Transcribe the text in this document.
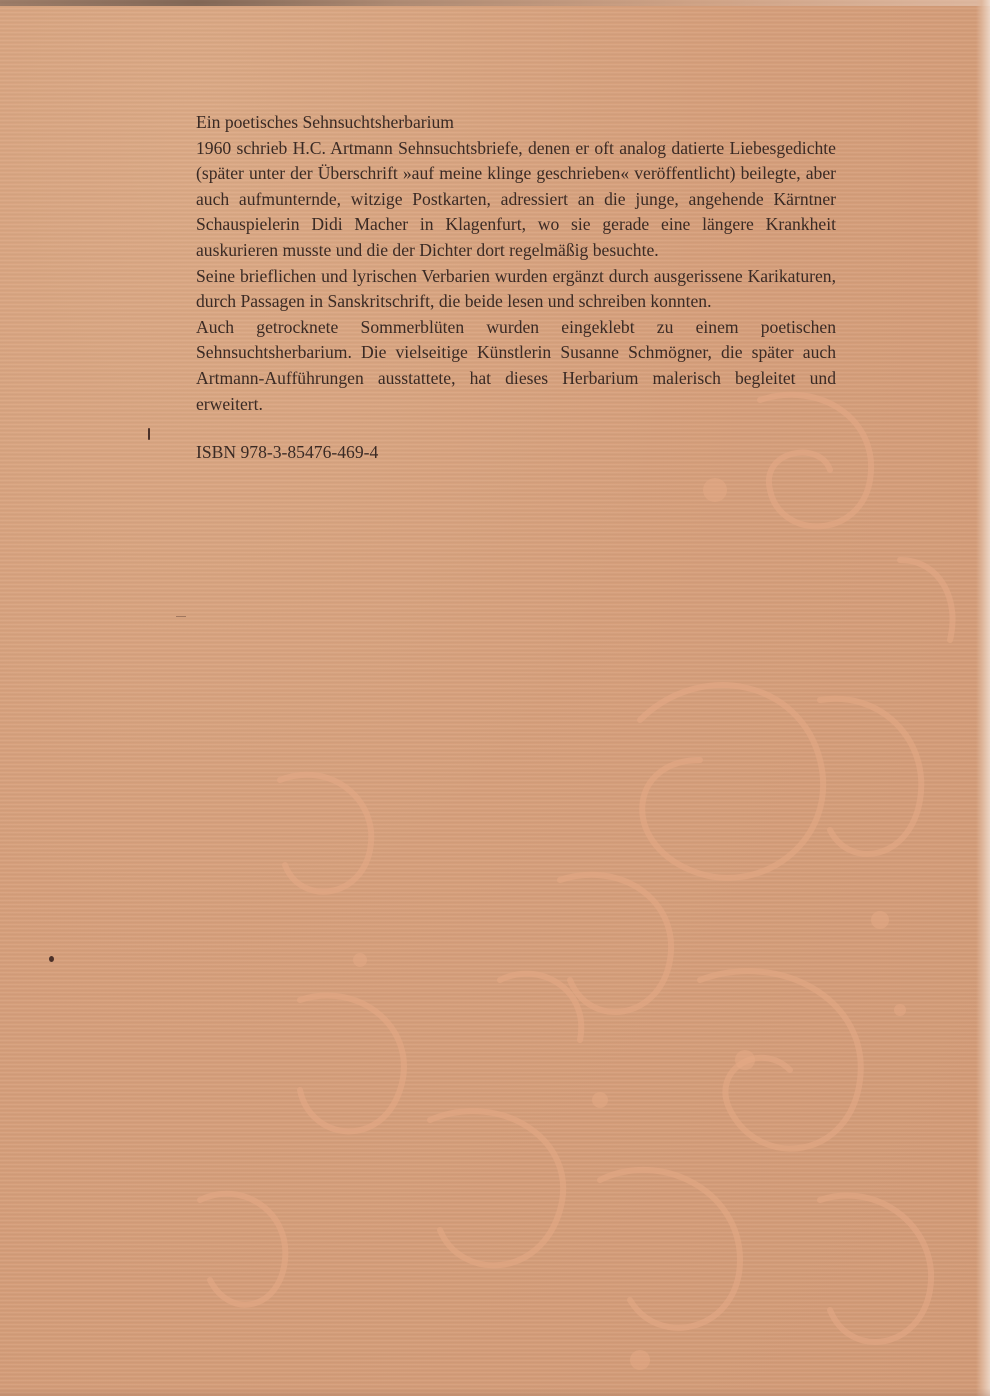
Ein poetisches Sehnsuchtsherbarium

1960 schrieb H.C. Artmann Sehnsuchtsbriefe, denen er oft analog datierte Liebesgedichte (später unter der Überschrift »auf meine klinge geschrieben« veröffentlicht) beilegte, aber auch aufmunternde, witzige Postkarten, adressiert an die junge, angehende Kärntner Schauspielerin Didi Macher in Klagenfurt, wo sie gerade eine längere Krankheit auskurieren musste und die der Dichter dort regelmäßig besuchte.

Seine brieflichen und lyrischen Verbarien wurden ergänzt durch ausgerissene Karikaturen, durch Passagen in Sanskritschrift, die beide lesen und schreiben konnten.

Auch getrocknete Sommerblüten wurden eingeklebt zu einem poetischen Sehnsuchtsherbarium. Die vielseitige Künstlerin Susanne Schmögner, die später auch Artmann-Aufführungen ausstattete, hat dieses Herbarium malerisch begleitet und erweitert.

ISBN 978-3-85476-469-4
